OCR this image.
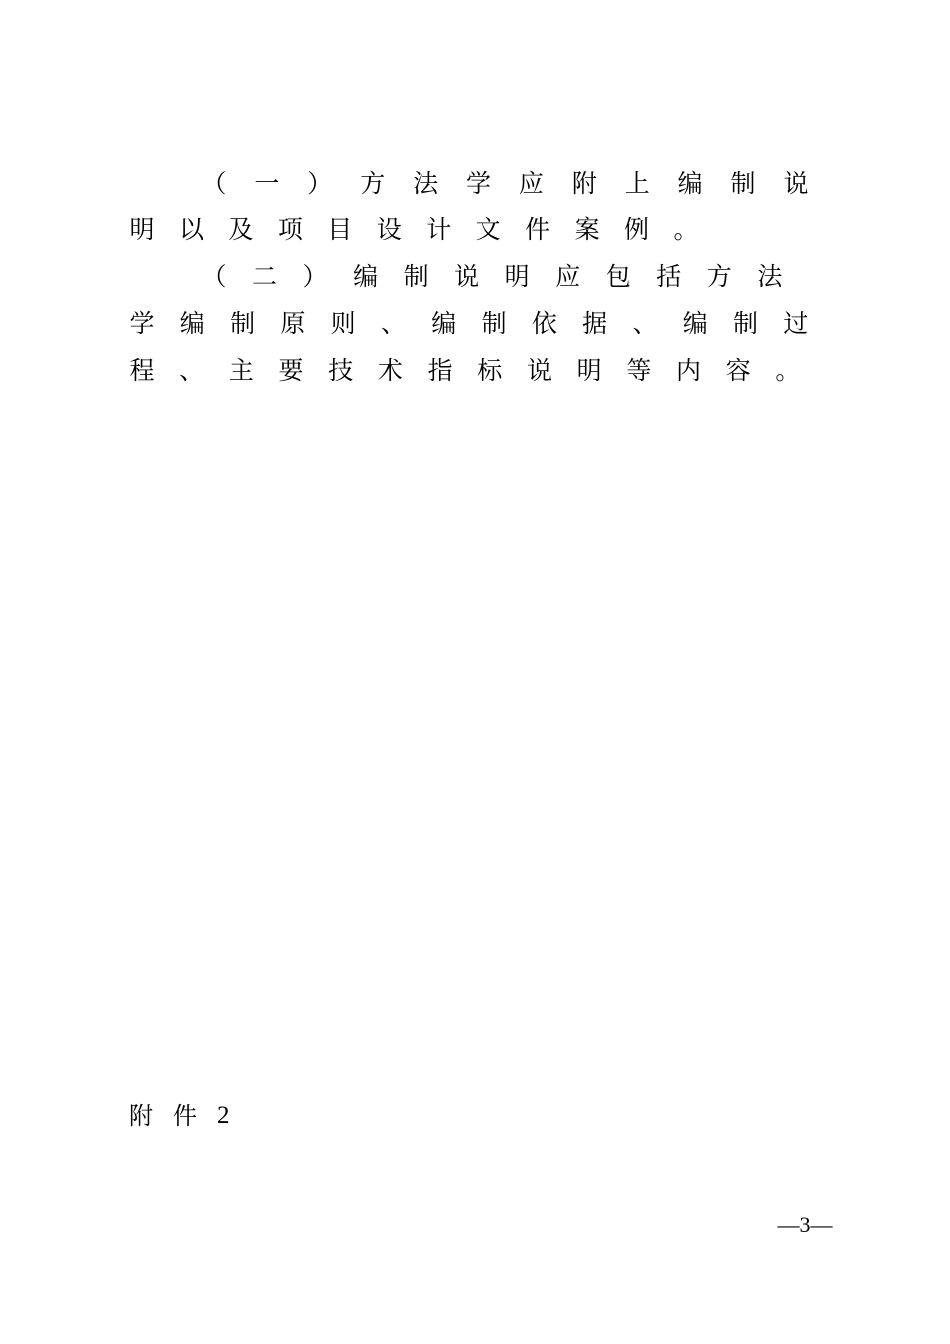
（ 一 ） 方 法 学 应 附 上 编 制 说
明 以 及 项 目 设 计 文 件 案 例 。
（ 二 ） 编 制 说 明 应 包 括 方 法
学 编 制 原 则 、 编 制 依 据 、 编 制 过
程 、 主 要 技 术 指 标 说 明 等 内 容 。
附 件 2
—3—
